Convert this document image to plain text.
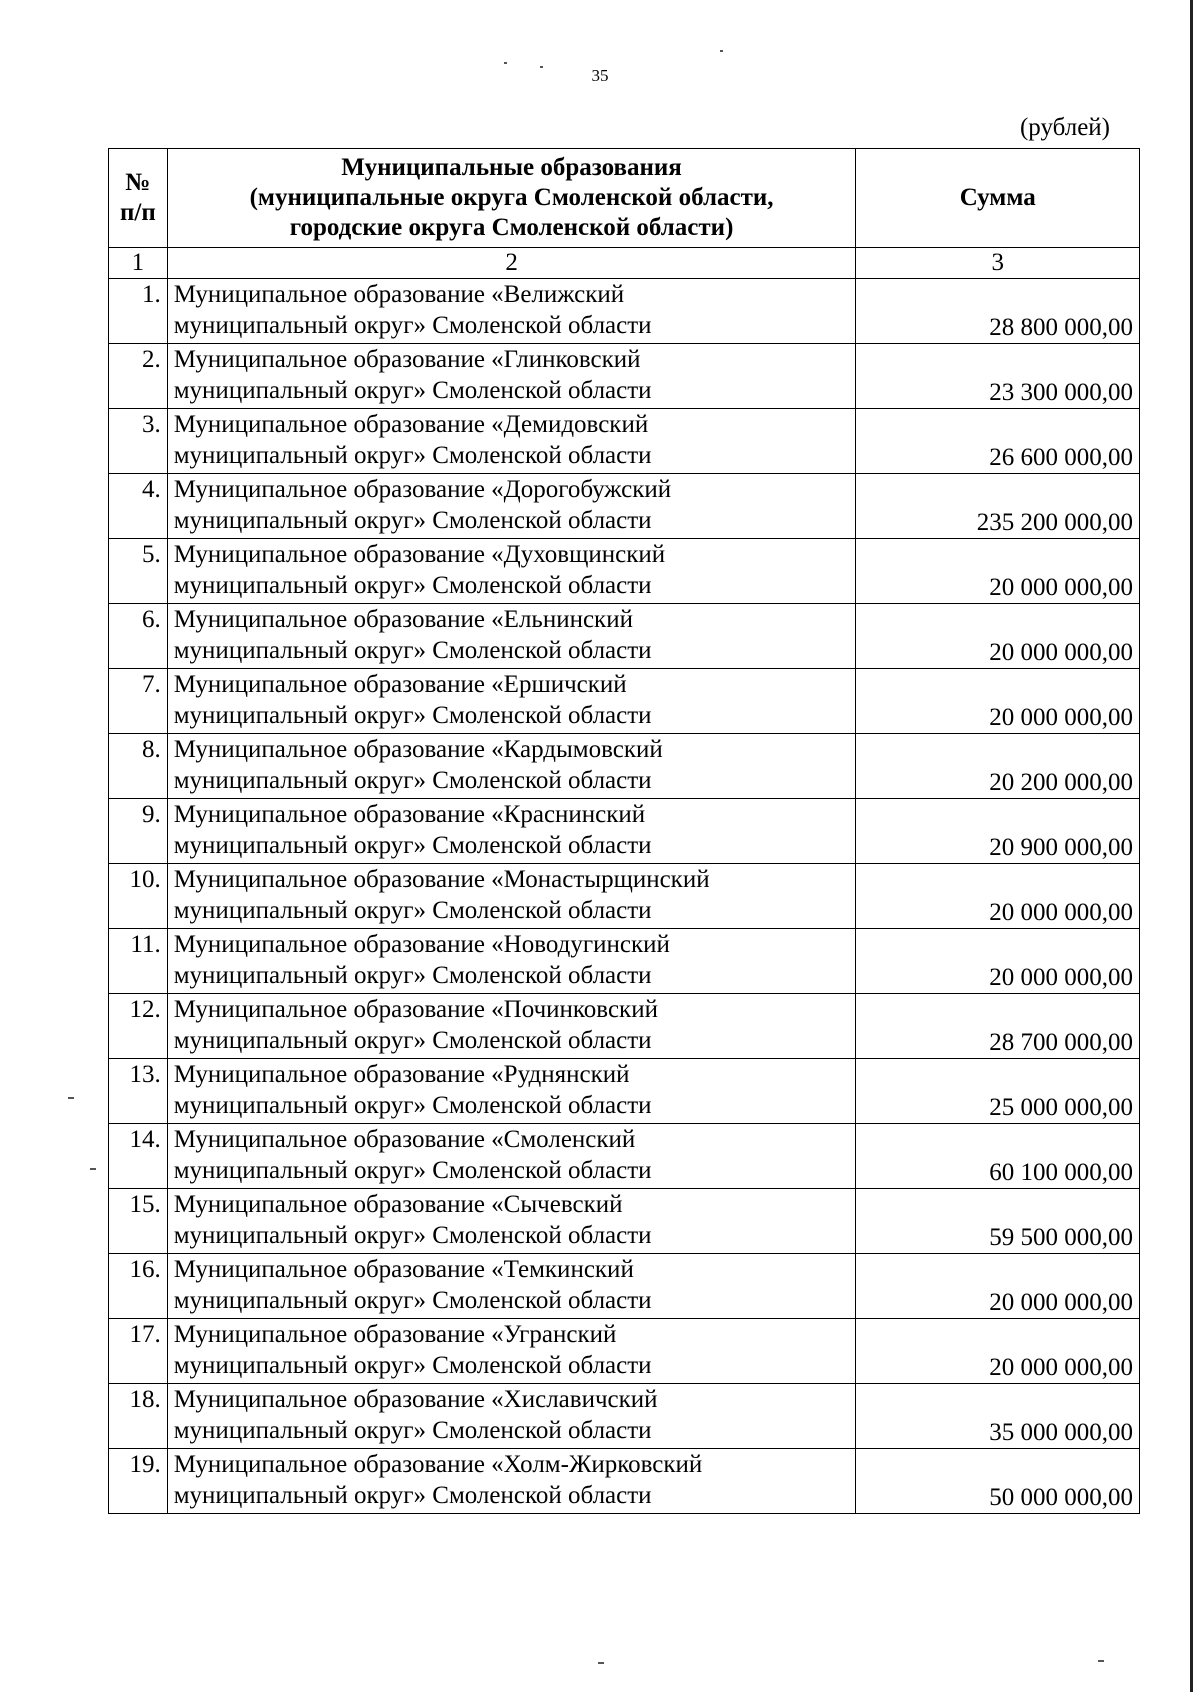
35
(рублей)
№ п/п	Муниципальные образования
(муниципальные округа Смоленской области,
городские округа Смоленской области)	Сумма
1	2	3
1.	Муниципальное образование «Велижский
муниципальный округ» Смоленской области	28 800 000,00
2.	Муниципальное образование «Глинковский
муниципальный округ» Смоленской области	23 300 000,00
3.	Муниципальное образование «Демидовский
муниципальный округ» Смоленской области	26 600 000,00
4.	Муниципальное образование «Дорогобужский
муниципальный округ» Смоленской области	235 200 000,00
5.	Муниципальное образование «Духовщинский
муниципальный округ» Смоленской области	20 000 000,00
6.	Муниципальное образование «Ельнинский
муниципальный округ» Смоленской области	20 000 000,00
7.	Муниципальное образование «Ершичский
муниципальный округ» Смоленской области	20 000 000,00
8.	Муниципальное образование «Кардымовский
муниципальный округ» Смоленской области	20 200 000,00
9.	Муниципальное образование «Краснинский
муниципальный округ» Смоленской области	20 900 000,00
10.	Муниципальное образование «Монастырщинский
муниципальный округ» Смоленской области	20 000 000,00
11.	Муниципальное образование «Новодугинский
муниципальный округ» Смоленской области	20 000 000,00
12.	Муниципальное образование «Починковский
муниципальный округ» Смоленской области	28 700 000,00
13.	Муниципальное образование «Руднянский
муниципальный округ» Смоленской области	25 000 000,00
14.	Муниципальное образование «Смоленский
муниципальный округ» Смоленской области	60 100 000,00
15.	Муниципальное образование «Сычевский
муниципальный округ» Смоленской области	59 500 000,00
16.	Муниципальное образование «Темкинский
муниципальный округ» Смоленской области	20 000 000,00
17.	Муниципальное образование «Угранский
муниципальный округ» Смоленской области	20 000 000,00
18.	Муниципальное образование «Хиславичский
муниципальный округ» Смоленской области	35 000 000,00
19.	Муниципальное образование «Холм-Жирковский
муниципальный округ» Смоленской области	50 000 000,00
